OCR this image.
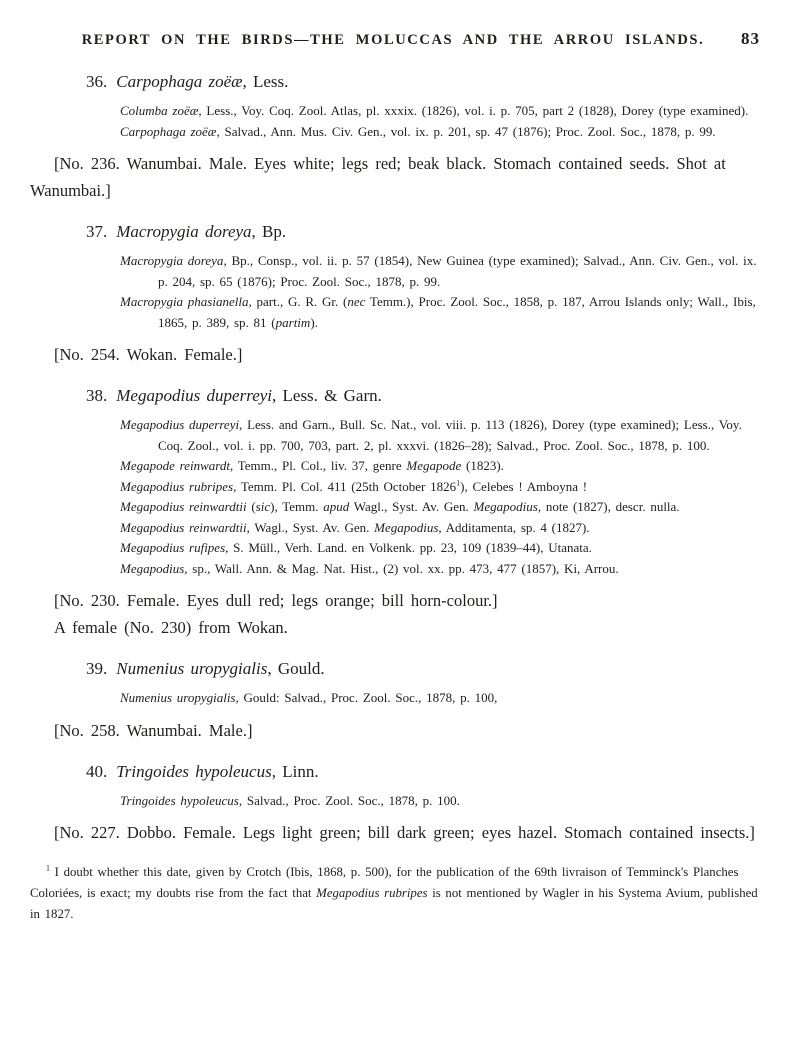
REPORT ON THE BIRDS—THE MOLUCCAS AND THE ARROU ISLANDS. 83
36. Carpophaga zoëæ, Less.

Columba zoëæ, Less., Voy. Coq. Zool. Atlas, pl. xxxix. (1826), vol. i. p. 705, part 2 (1828), Dorey (type examined).

Carpophaga zoëæ, Salvad., Ann. Mus. Civ. Gen., vol. ix. p. 201, sp. 47 (1876); Proc. Zool. Soc., 1878, p. 99.

[No. 236. Wanumbai. Male. Eyes white; legs red; beak black. Stomach contained seeds. Shot at Wanumbai.]

37. Macropygia doreya, Bp.

Macropygia doreya, Bp., Consp., vol. ii. p. 57 (1854), New Guinea (type examined); Salvad., Ann. Civ. Gen., vol. ix. p. 204, sp. 65 (1876); Proc. Zool. Soc., 1878, p. 99.

Macropygia phasianella, part., G. R. Gr. (nec Temm.), Proc. Zool. Soc., 1858, p. 187, Arrou Islands only; Wall., Ibis, 1865, p. 389, sp. 81 (partim).

[No. 254. Wokan. Female.]

38. Megapodius duperreyi, Less. & Garn.

Megapodius duperreyi, Less. and Garn., Bull. Sc. Nat., vol. viii. p. 113 (1826), Dorey (type examined); Less., Voy. Coq. Zool., vol. i. pp. 700, 703, part. 2, pl. xxxvi. (1826–28); Salvad., Proc. Zool. Soc., 1878, p. 100.

Megapode reinwardt, Temm., Pl. Col., liv. 37, genre Megapode (1823).

Megapodius rubripes, Temm. Pl. Col. 411 (25th October 1826$^1$), Celebes ! Amboyna !

Megapodius reinwardtii (sic), Temm. apud Wagl., Syst. Av. Gen. Megapodius, note (1827), descr. nulla.

Megapodius reinwardtii, Wagl., Syst. Av. Gen. Megapodius, Additamenta, sp. 4 (1827).

Megapodius rufipes, S. Müll., Verh. Land. en Volkenk. pp. 23, 109 (1839–44), Utanata.

Megapodius, sp., Wall. Ann. & Mag. Nat. Hist., (2) vol. xx. pp. 473, 477 (1857), Ki, Arrou.

[No. 230. Female. Eyes dull red; legs orange; bill horn-colour.]

A female (No. 230) from Wokan.

39. Numenius uropygialis, Gould.

Numenius uropygialis, Gould: Salvad., Proc. Zool. Soc., 1878, p. 100,

[No. 258. Wanumbai. Male.]

40. Tringoides hypoleucus, Linn.

Tringoides hypoleucus, Salvad., Proc. Zool. Soc., 1878, p. 100.

[No. 227. Dobbo. Female. Legs light green; bill dark green; eyes hazel. Stomach contained insects.]

$^1$ I doubt whether this date, given by Crotch (Ibis, 1868, p. 500), for the publication of the 69th livraison of Temminck's Planches Coloriées, is exact; my doubts rise from the fact that Megapodius rubripes is not mentioned by Wagler in his Systema Avium, published in 1827.
